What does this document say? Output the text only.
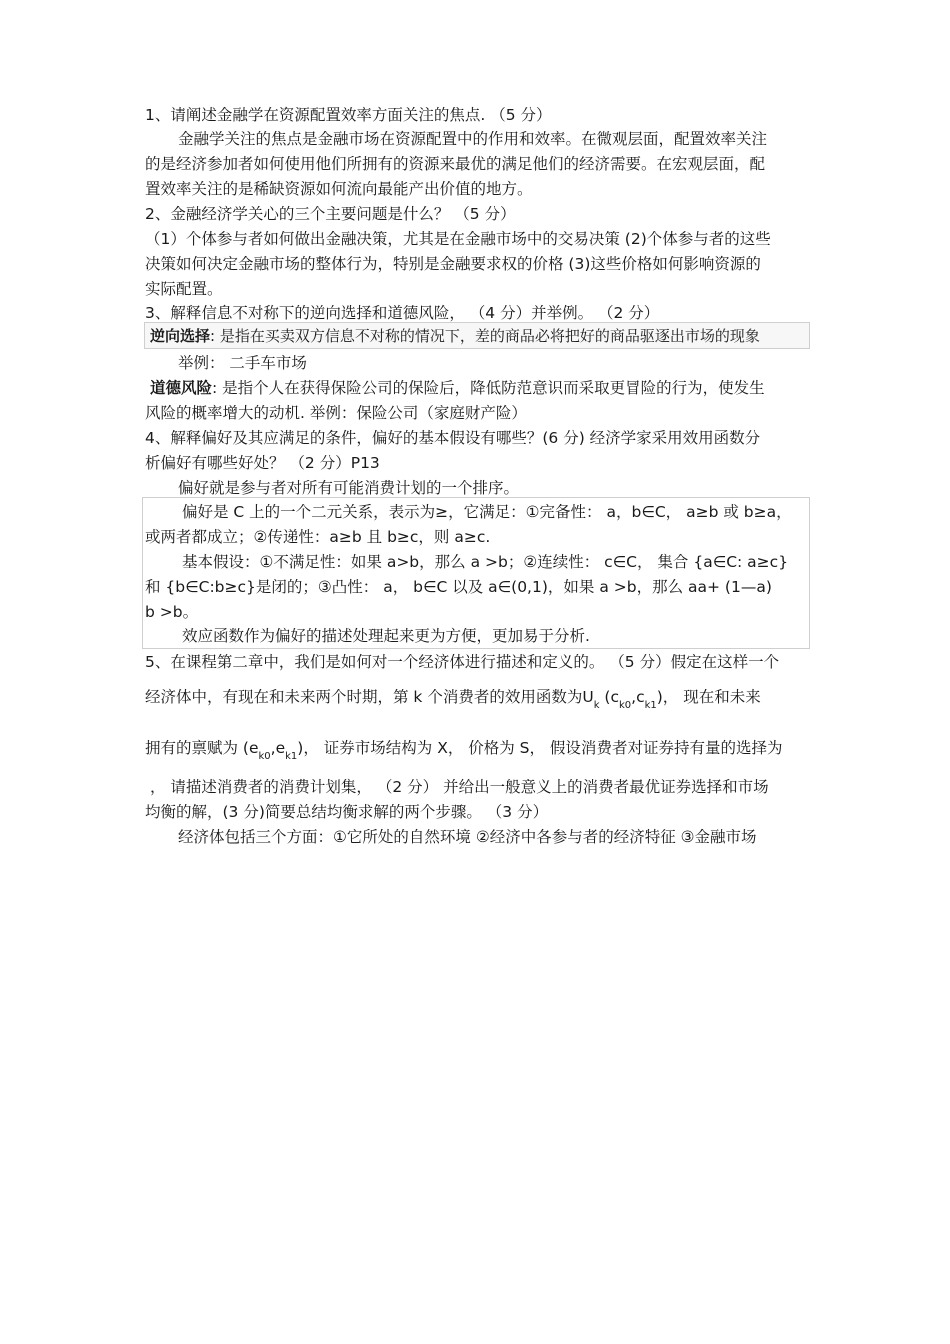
1、请阐述金融学在资源配置效率方面关注的焦点. （5 分）
金融学关注的焦点是金融市场在资源配置中的作用和效率。在微观层面，配置效率关注
的是经济参加者如何使用他们所拥有的资源来最优的满足他们的经济需要。在宏观层面，配
置效率关注的是稀缺资源如何流向最能产出价值的地方。
2、金融经济学关心的三个主要问题是什么？ （5 分）
（1）个体参与者如何做出金融决策，尤其是在金融市场中的交易决策 (2)个体参与者的这些
决策如何决定金融市场的整体行为，特别是金融要求权的价格 (3)这些价格如何影响资源的
实际配置。
3、解释信息不对称下的逆向选择和道德风险， （4 分）并举例。 （2 分）
逆向选择: 是指在买卖双方信息不对称的情况下，差的商品必将把好的商品驱逐出市场的现象
举例： 二手车市场
道德风险: 是指个人在获得保险公司的保险后，降低防范意识而采取更冒险的行为，使发生
风险的概率增大的动机. 举例：保险公司（家庭财产险）
4、解释偏好及其应满足的条件，偏好的基本假设有哪些？(6 分) 经济学家采用效用函数分
析偏好有哪些好处？ （2 分）P13
偏好就是参与者对所有可能消费计划的一个排序。
偏好是 C 上的一个二元关系，表示为≥，它满足：①完备性： a，b∈C， a≥b 或 b≥a，
或两者都成立；②传递性：a≥b 且 b≥c，则 a≥c.
基本假设：①不满足性：如果 a>b，那么 a >b；②连续性： c∈C， 集合 {a∈C: a≥c}
和 {b∈C:b≥c}是闭的；③凸性： a， b∈C 以及 a∈(0,1)，如果 a >b，那么 aa+ (1—a)
b >b。
效应函数作为偏好的描述处理起来更为方便，更加易于分析.
5、在课程第二章中，我们是如何对一个经济体进行描述和定义的。 （5 分）假定在这样一个
经济体中，有现在和未来两个时期，第 k 个消费者的效用函数为$U_k$ $(c_{k0},c_{k1})$， 现在和未来
拥有的禀赋为 $(e_{k0},e_{k1})$， 证券市场结构为 X， 价格为 S， 假设消费者对证券持有量的选择为
， 请描述消费者的消费计划集， （2 分） 并给出一般意义上的消费者最优证券选择和市场
均衡的解，(3 分)简要总结均衡求解的两个步骤。 （3 分）
经济体包括三个方面：①它所处的自然环境 ②经济中各参与者的经济特征 ③金融市场
